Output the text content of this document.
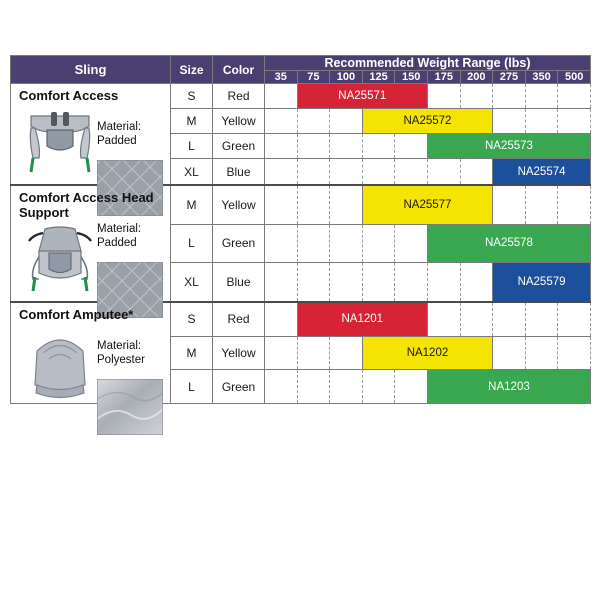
Sling	Size	Color	Recommended Weight Range (lbs)									
			35	75	100	125	150	175	200	275	350	500

Comfort Access
Material:
Padded	S	Red		NA25571								
	M	Yellow				NA25572						
	L	Green						NA25573				
	XL	Blue								NA25574		

Comfort Access Head Support
Material:
Padded	M	Yellow				NA25577						
	L	Green						NA25578				
	XL	Blue								NA25579		

Comfort Amputee*
Material:
Polyester	S	Red		NA1201								
	M	Yellow				NA1202						
	L	Green						NA1203				
